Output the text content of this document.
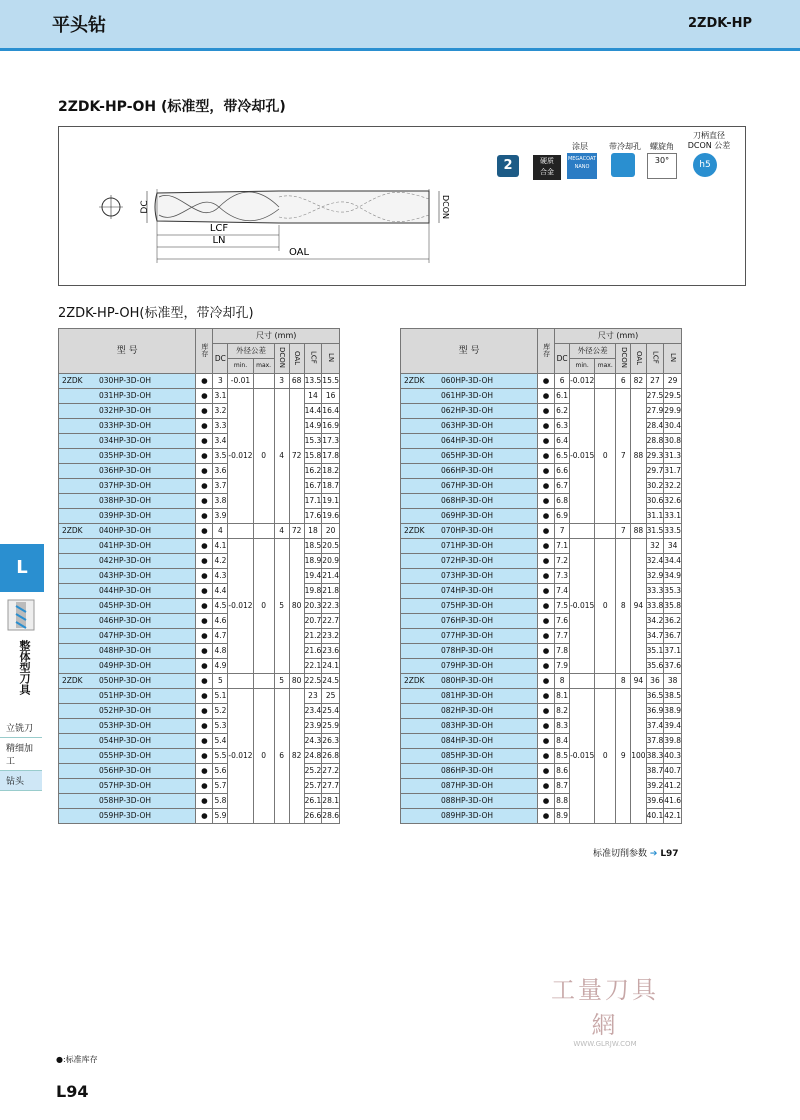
平头钻	2ZDK-HP
2ZDK-HP-OH (标准型，带冷却孔)
LCF
LN
OAL
DC	DCON
2	硬质
合金
涂层
MEGACOAT NANO
带冷却孔	螺旋角
30°
刀柄直径
DCON 公差
h5
2ZDK-HP-OH(标准型，带冷却孔)
型 号		库存	尺寸 (mm)						
			DC	外径公差		DCON	OAL	LCF	LN
				min.	max.				
2ZDK	030HP-3D-OH	●	3	-0.01		3	68	13.5	15.5
	031HP-3D-OH	●	3.1	-0.012	0	4	72	14	16
	032HP-3D-OH	●	3.2					14.4	16.4
	033HP-3D-OH	●	3.3					14.9	16.9
	034HP-3D-OH	●	3.4					15.3	17.3
	035HP-3D-OH	●	3.5					15.8	17.8
	036HP-3D-OH	●	3.6					16.2	18.2
	037HP-3D-OH	●	3.7					16.7	18.7
	038HP-3D-OH	●	3.8					17.1	19.1
	039HP-3D-OH	●	3.9					17.6	19.6
2ZDK	040HP-3D-OH	●	4			4	72	18	20
	041HP-3D-OH	●	4.1	-0.012	0	5	80	18.5	20.5
	042HP-3D-OH	●	4.2					18.9	20.9
	043HP-3D-OH	●	4.3					19.4	21.4
	044HP-3D-OH	●	4.4					19.8	21.8
	045HP-3D-OH	●	4.5					20.3	22.3
	046HP-3D-OH	●	4.6					20.7	22.7
	047HP-3D-OH	●	4.7					21.2	23.2
	048HP-3D-OH	●	4.8					21.6	23.6
	049HP-3D-OH	●	4.9					22.1	24.1
2ZDK	050HP-3D-OH	●	5			5	80	22.5	24.5
	051HP-3D-OH	●	5.1	-0.012	0	6	82	23	25
	052HP-3D-OH	●	5.2					23.4	25.4
	053HP-3D-OH	●	5.3					23.9	25.9
	054HP-3D-OH	●	5.4					24.3	26.3
	055HP-3D-OH	●	5.5					24.8	26.8
	056HP-3D-OH	●	5.6					25.2	27.2
	057HP-3D-OH	●	5.7					25.7	27.7
	058HP-3D-OH	●	5.8					26.1	28.1
	059HP-3D-OH	●	5.9					26.6	28.6
型 号		库存	尺寸 (mm)						
			DC	外径公差		DCON	OAL	LCF	LN
				min.	max.				
2ZDK	060HP-3D-OH	●	6	-0.012		6	82	27	29
	061HP-3D-OH	●	6.1	-0.015	0	7	88	27.5	29.5
	062HP-3D-OH	●	6.2					27.9	29.9
	063HP-3D-OH	●	6.3					28.4	30.4
	064HP-3D-OH	●	6.4					28.8	30.8
	065HP-3D-OH	●	6.5					29.3	31.3
	066HP-3D-OH	●	6.6					29.7	31.7
	067HP-3D-OH	●	6.7					30.2	32.2
	068HP-3D-OH	●	6.8					30.6	32.6
	069HP-3D-OH	●	6.9					31.1	33.1
2ZDK	070HP-3D-OH	●	7			7	88	31.5	33.5
	071HP-3D-OH	●	7.1	-0.015	0	8	94	32	34
	072HP-3D-OH	●	7.2					32.4	34.4
	073HP-3D-OH	●	7.3					32.9	34.9
	074HP-3D-OH	●	7.4					33.3	35.3
	075HP-3D-OH	●	7.5					33.8	35.8
	076HP-3D-OH	●	7.6					34.2	36.2
	077HP-3D-OH	●	7.7					34.7	36.7
	078HP-3D-OH	●	7.8					35.1	37.1
	079HP-3D-OH	●	7.9					35.6	37.6
2ZDK	080HP-3D-OH	●	8			8	94	36	38
	081HP-3D-OH	●	8.1	-0.015	0	9	100	36.5	38.5
	082HP-3D-OH	●	8.2					36.9	38.9
	083HP-3D-OH	●	8.3					37.4	39.4
	084HP-3D-OH	●	8.4					37.8	39.8
	085HP-3D-OH	●	8.5					38.3	40.3
	086HP-3D-OH	●	8.6					38.7	40.7
	087HP-3D-OH	●	8.7					39.2	41.2
	088HP-3D-OH	●	8.8					39.6	41.6
	089HP-3D-OH	●	8.9					40.1	42.1
标准切削参数 ➔ L97
L
整体型刀具
立铣刀
精细加工
钻头
工量刀具網
WWW.GLRJW.COM
●:标准库存
L94
